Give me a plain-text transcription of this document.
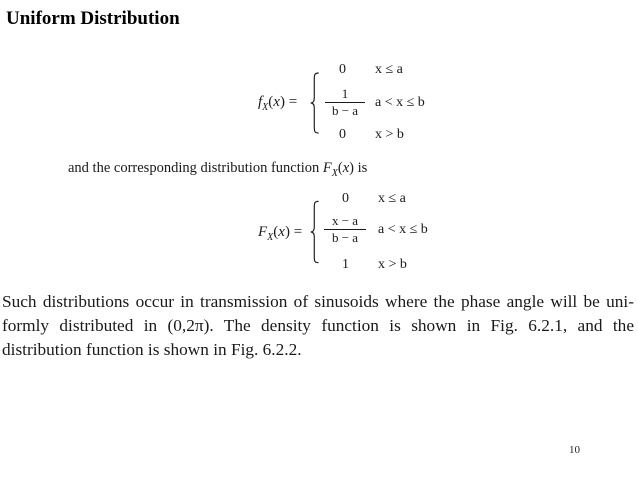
Uniform Distribution
$f_X(x)$ =
0 x ≤ a
1
b − a
a < x ≤ b
0 x > b
and the corresponding distribution function $F_X(x)$ is
$F_X(x)$ =
0 x ≤ a
x − a
b − a
a < x ≤ b
1 x > b
Such distributions occur in transmission of sinusoids where the phase angle will be uni-
formly distributed in (0,2π). The density function is shown in Fig. 6.2.1, and the
distribution function is shown in Fig. 6.2.2.
10
